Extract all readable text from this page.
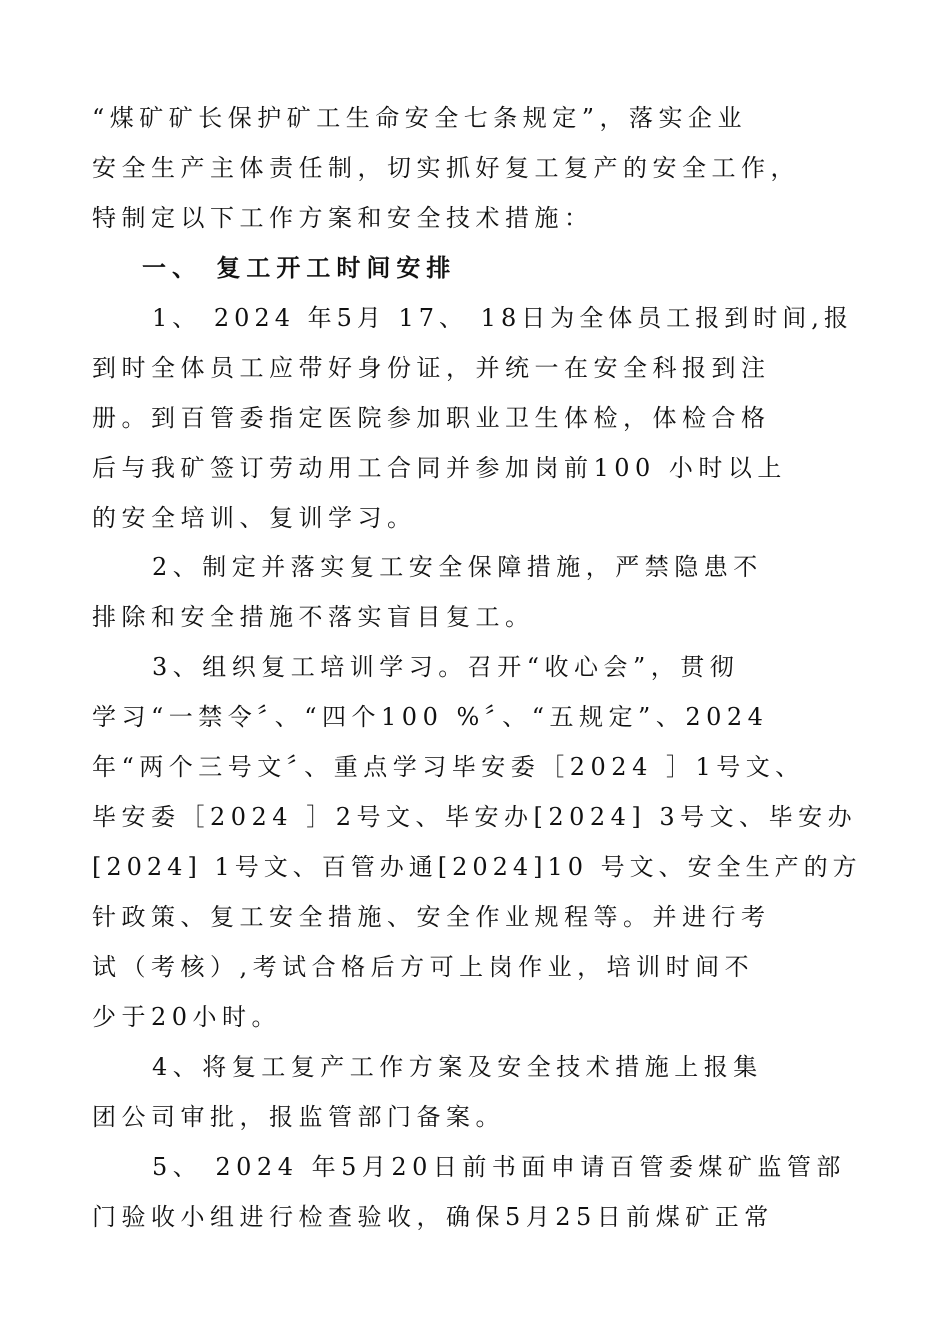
“煤矿矿长保护矿工生命安全七条规定”，落实企业
安全生产主体责任制，切实抓好复工复产的安全工作，
特制定以下工作方案和安全技术措施：
一、 复工开工时间安排
1、 2024 年5月 17、 18日为全体员工报到时间,报
到时全体员工应带好身份证，并统一在安全科报到注
册。到百管委指定医院参加职业卫生体检，体检合格
后与我矿签订劳动用工合同并参加岗前100 小时以上
的安全培训、复训学习。
2、制定并落实复工安全保障措施，严禁隐患不
排除和安全措施不落实盲目复工。
3、组织复工培训学习。召开“收心会”，贯彻
学习“一禁令〞、“四个100 %〞、“五规定”、2024
年“两个三号文〞、重点学习毕安委［2024 ］1号文、
毕安委［2024 ］2号文、毕安办[2024] 3号文、毕安办
[2024] 1号文、百管办通[2024]10 号文、安全生产的方
针政策、复工安全措施、安全作业规程等。并进行考
试（考核）,考试合格后方可上岗作业，培训时间不
少于20小时。
4、将复工复产工作方案及安全技术措施上报集
团公司审批，报监管部门备案。
5、 2024 年5月20日前书面申请百管委煤矿监管部
门验收小组进行检查验收，确保5月25日前煤矿正常
